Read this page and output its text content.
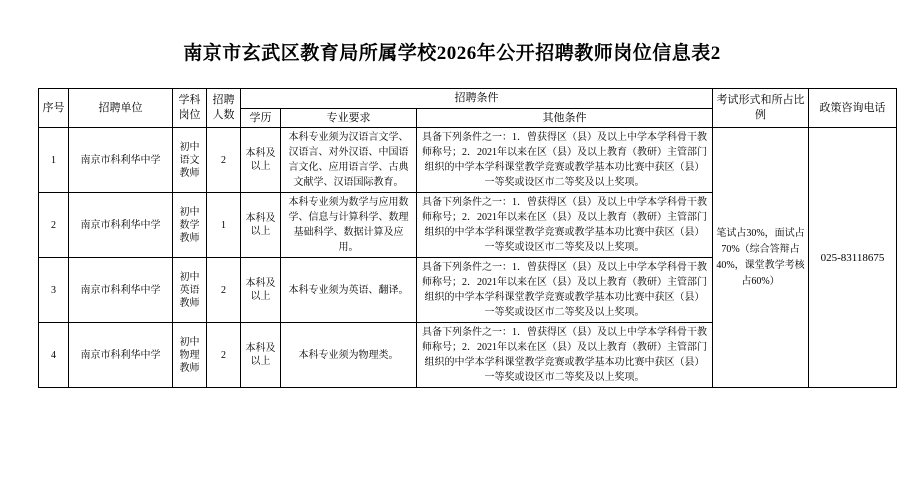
南京市玄武区教育局所属学校2026年公开招聘教师岗位信息表2
序号	招聘单位	学科岗位	招聘人数	招聘条件			考试形式和所占比例	政策咨询电话
				学历	专业要求	其他条件		
1	南京市科利华中学	初中语文教师	2	本科及以上	本科专业须为汉语言文学、汉语言、对外汉语、中国语言文化、应用语言学、古典文献学、汉语国际教育。	具备下列条件之一：1．曾获得区（县）及以上中学本学科骨干教师称号；2．2021年以来在区（县）及以上教育（教研）主管部门组织的中学本学科课堂教学竞赛或教学基本功比赛中获区（县）一等奖或设区市二等奖及以上奖项。	笔试占30%，面试占70%（综合答辩占40%，课堂教学考核占60%）	025-83118675
2	南京市科利华中学	初中数学教师	1	本科及以上	本科专业须为数学与应用数学、信息与计算科学、数理基础科学、数据计算及应用。	具备下列条件之一：1．曾获得区（县）及以上中学本学科骨干教师称号；2．2021年以来在区（县）及以上教育（教研）主管部门组织的中学本学科课堂教学竞赛或教学基本功比赛中获区（县）一等奖或设区市二等奖及以上奖项。		
3	南京市科利华中学	初中英语教师	2	本科及以上	本科专业须为英语、翻译。	具备下列条件之一：1．曾获得区（县）及以上中学本学科骨干教师称号；2．2021年以来在区（县）及以上教育（教研）主管部门组织的中学本学科课堂教学竞赛或教学基本功比赛中获区（县）一等奖或设区市二等奖及以上奖项。		
4	南京市科利华中学	初中物理教师	2	本科及以上	本科专业须为物理类。	具备下列条件之一：1．曾获得区（县）及以上中学本学科骨干教师称号；2．2021年以来在区（县）及以上教育（教研）主管部门组织的中学本学科课堂教学竞赛或教学基本功比赛中获区（县）一等奖或设区市二等奖及以上奖项。		
